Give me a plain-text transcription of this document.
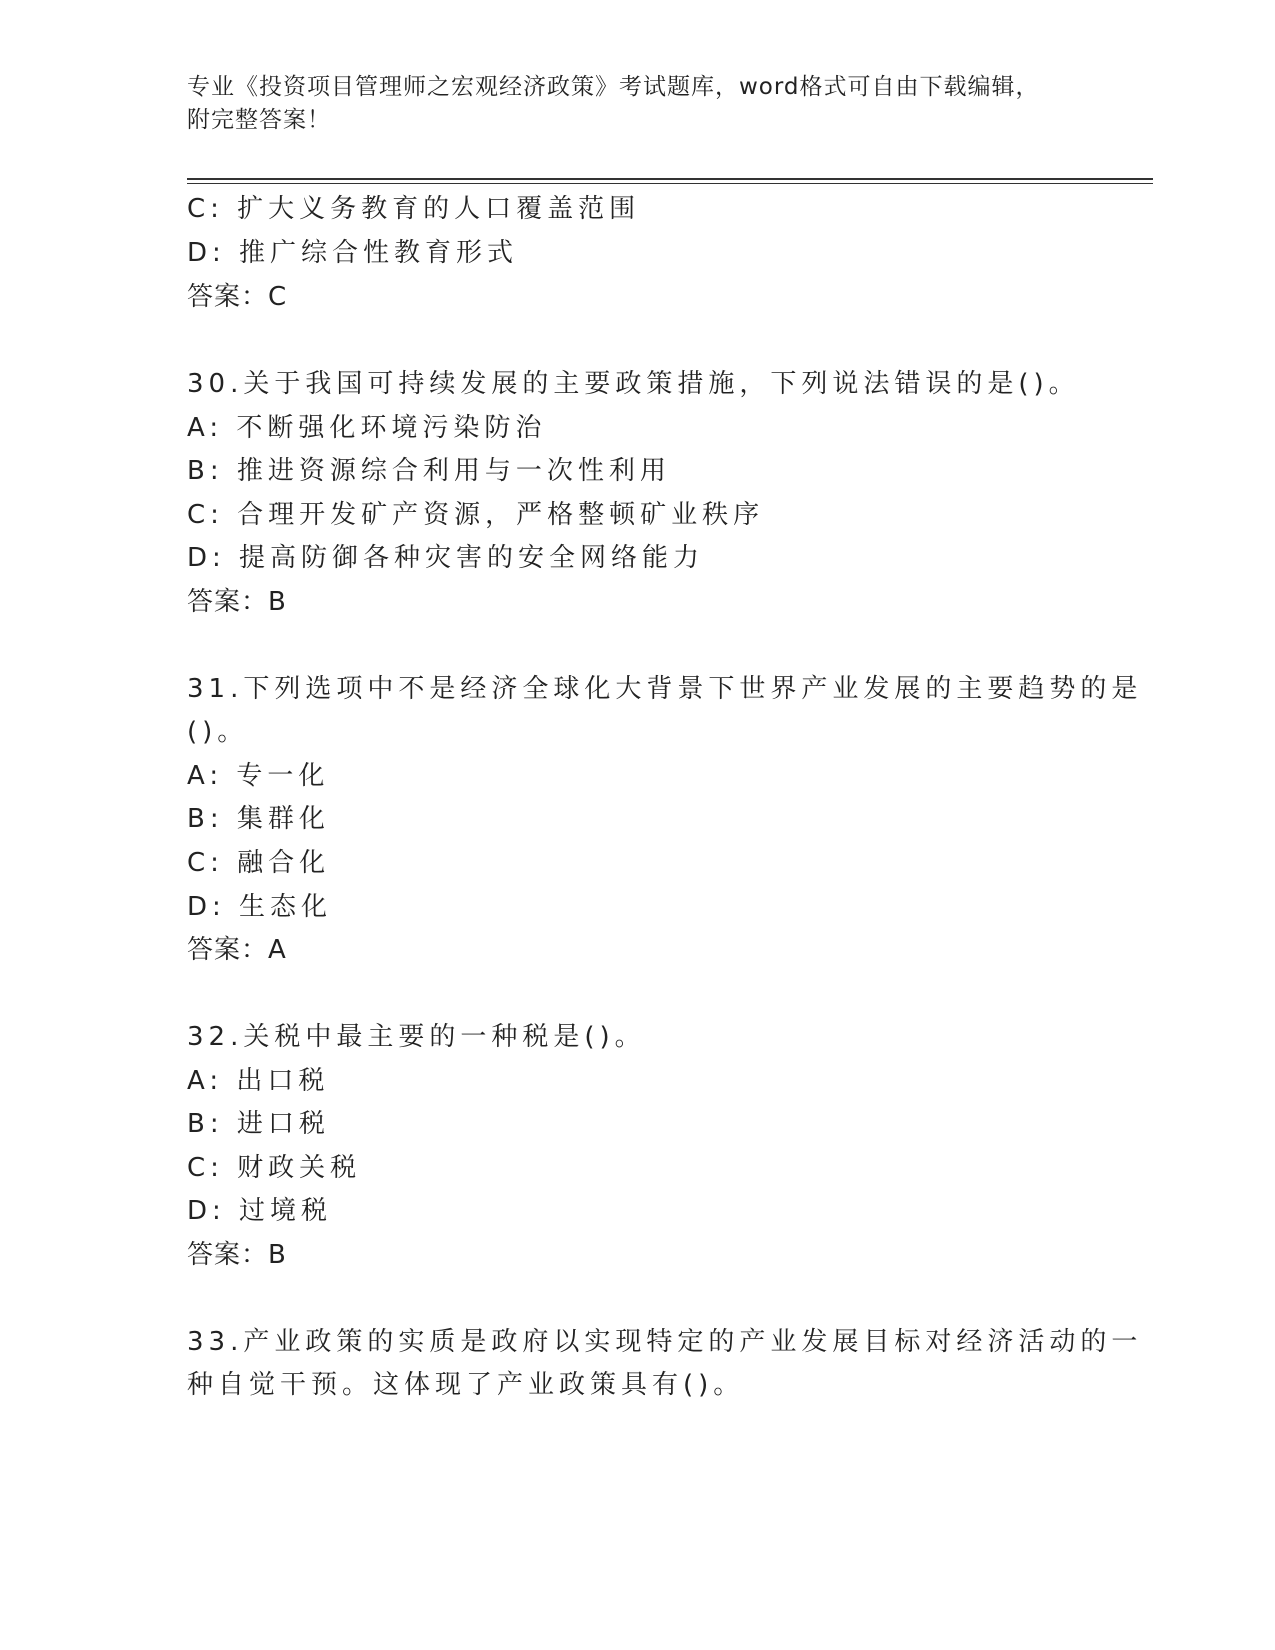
专业《投资项目管理师之宏观经济政策》考试题库，word格式可自由下载编辑，

附完整答案！

C: 扩大义务教育的人口覆盖范围

D: 推广综合性教育形式

答案：C

30.关于我国可持续发展的主要政策措施，下列说法错误的是()。

A: 不断强化环境污染防治

B: 推进资源综合利用与一次性利用

C: 合理开发矿产资源，严格整顿矿业秩序

D: 提高防御各种灾害的安全网络能力

答案：B

31.下列选项中不是经济全球化大背景下世界产业发展的主要趋势的是

()。

A: 专一化

B: 集群化

C: 融合化

D: 生态化

答案：A

32.关税中最主要的一种税是()。

A: 出口税

B: 进口税

C: 财政关税

D: 过境税

答案：B

33.产业政策的实质是政府以实现特定的产业发展目标对经济活动的一

种自觉干预。这体现了产业政策具有()。
